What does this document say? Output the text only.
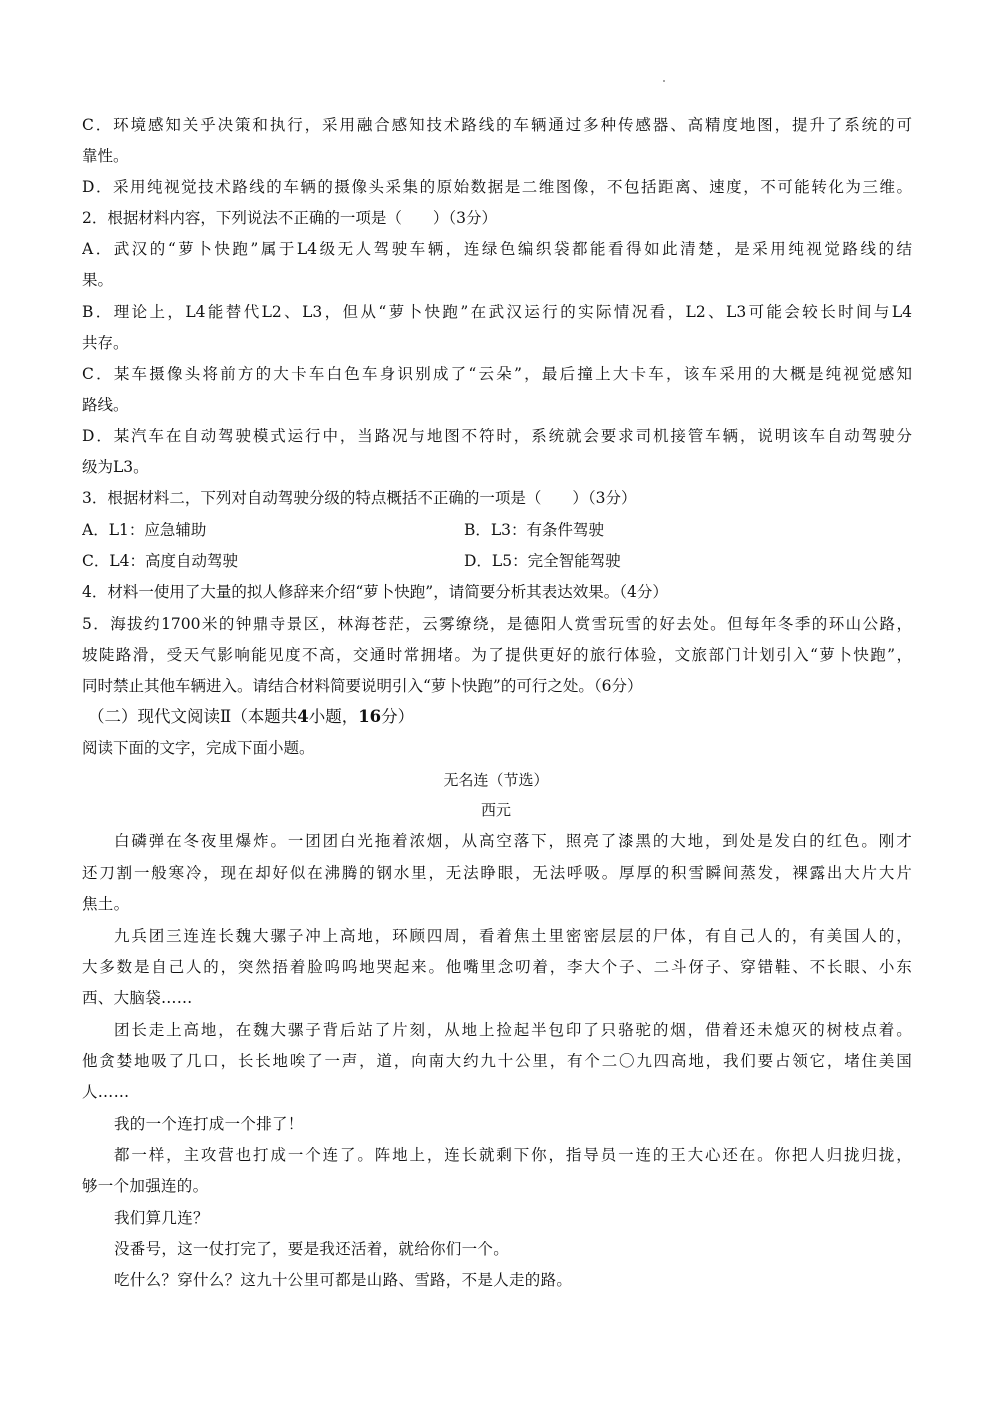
C．环境感知关乎决策和执行，采用融合感知技术路线的车辆通过多种传感器、高精度地图，提升了系统的可
靠性。
D．采用纯视觉技术路线的车辆的摄像头采集的原始数据是二维图像，不包括距离、速度，不可能转化为三维。
2．根据材料内容，下列说法不正确的一项是（　　）（3分）
A．武汉的“萝卜快跑”属于L4级无人驾驶车辆，连绿色编织袋都能看得如此清楚，是采用纯视觉路线的结
果。
B．理论上，L4能替代L2、L3，但从“萝卜快跑”在武汉运行的实际情况看，L2、L3可能会较长时间与L4
共存。
C．某车摄像头将前方的大卡车白色车身识别成了“云朵”，最后撞上大卡车，该车采用的大概是纯视觉感知
路线。
D．某汽车在自动驾驶模式运行中，当路况与地图不符时，系统就会要求司机接管车辆，说明该车自动驾驶分
级为L3。
3．根据材料二，下列对自动驾驶分级的特点概括不正确的一项是（　　）（3分）
A．L1：应急辅助	B．L3：有条件驾驶
C．L4：高度自动驾驶	D．L5：完全智能驾驶
4．材料一使用了大量的拟人修辞来介绍“萝卜快跑”，请简要分析其表达效果。（4分）
5．海拔约1700米的钟鼎寺景区，林海苍茫，云雾缭绕，是德阳人赏雪玩雪的好去处。但每年冬季的环山公路，
坡陡路滑，受天气影响能见度不高，交通时常拥堵。为了提供更好的旅行体验，文旅部门计划引入“萝卜快跑”，
同时禁止其他车辆进入。请结合材料简要说明引入“萝卜快跑”的可行之处。（6分）
（二）现代文阅读Ⅱ（本题共4小题，16分）
阅读下面的文字，完成下面小题。
无名连（节选）
西元
白磷弹在冬夜里爆炸。一团团白光拖着浓烟，从高空落下，照亮了漆黑的大地，到处是发白的红色。刚才
还刀割一般寒冷，现在却好似在沸腾的钢水里，无法睁眼，无法呼吸。厚厚的积雪瞬间蒸发，裸露出大片大片
焦土。
九兵团三连连长魏大骡子冲上高地，环顾四周，看着焦土里密密层层的尸体，有自己人的，有美国人的，
大多数是自己人的，突然捂着脸呜呜地哭起来。他嘴里念叨着，李大个子、二斗伢子、穿错鞋、不长眼、小东
西、大脑袋……
团长走上高地，在魏大骡子背后站了片刻，从地上捡起半包印了只骆驼的烟，借着还未熄灭的树枝点着。
他贪婪地吸了几口，长长地唉了一声，道，向南大约九十公里，有个二〇九四高地，我们要占领它，堵住美国
人……
我的一个连打成一个排了！
都一样，主攻营也打成一个连了。阵地上，连长就剩下你，指导员一连的王大心还在。你把人归拢归拢，
够一个加强连的。
我们算几连？
没番号，这一仗打完了，要是我还活着，就给你们一个。
吃什么？穿什么？这九十公里可都是山路、雪路，不是人走的路。
